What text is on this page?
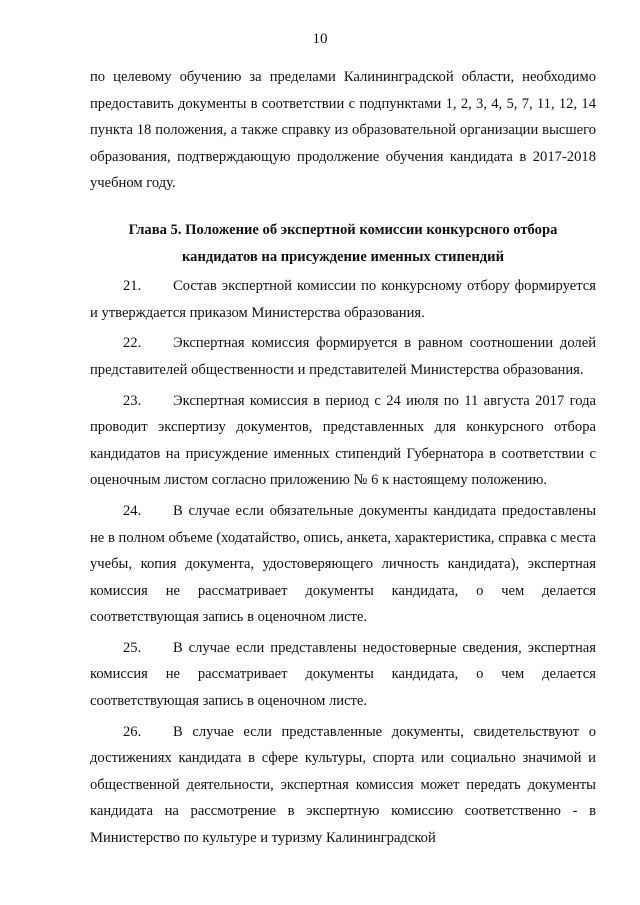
10

по целевому обучению за пределами Калининградской области, необходимо предоставить документы в соответствии с подпунктами 1, 2, 3, 4, 5, 7, 11, 12, 14 пункта 18 положения, а также справку из образовательной организации высшего образования, подтверждающую продолжение обучения кандидата в 2017-2018 учебном году.

Глава 5. Положение об экспертной комиссии конкурсного отбора кандидатов на присуждение именных стипендий

21. Состав экспертной комиссии по конкурсному отбору формируется и утверждается приказом Министерства образования.

22. Экспертная комиссия формируется в равном соотношении долей представителей общественности и представителей Министерства образования.

23. Экспертная комиссия в период с 24 июля по 11 августа 2017 года проводит экспертизу документов, представленных для конкурсного отбора кандидатов на присуждение именных стипендий Губернатора в соответствии с оценочным листом согласно приложению № 6 к настоящему положению.

24. В случае если обязательные документы кандидата предоставлены не в полном объеме (ходатайство, опись, анкета, характеристика, справка с места учебы, копия документа, удостоверяющего личность кандидата), экспертная комиссия не рассматривает документы кандидата, о чем делается соответствующая запись в оценочном листе.

25. В случае если представлены недостоверные сведения, экспертная комиссия не рассматривает документы кандидата, о чем делается соответствующая запись в оценочном листе.

26. В случае если представленные документы, свидетельствуют о достижениях кандидата в сфере культуры, спорта или социально значимой и общественной деятельности, экспертная комиссия может передать документы кандидата на рассмотрение в экспертную комиссию соответственно - в Министерство по культуре и туризму Калининградской
